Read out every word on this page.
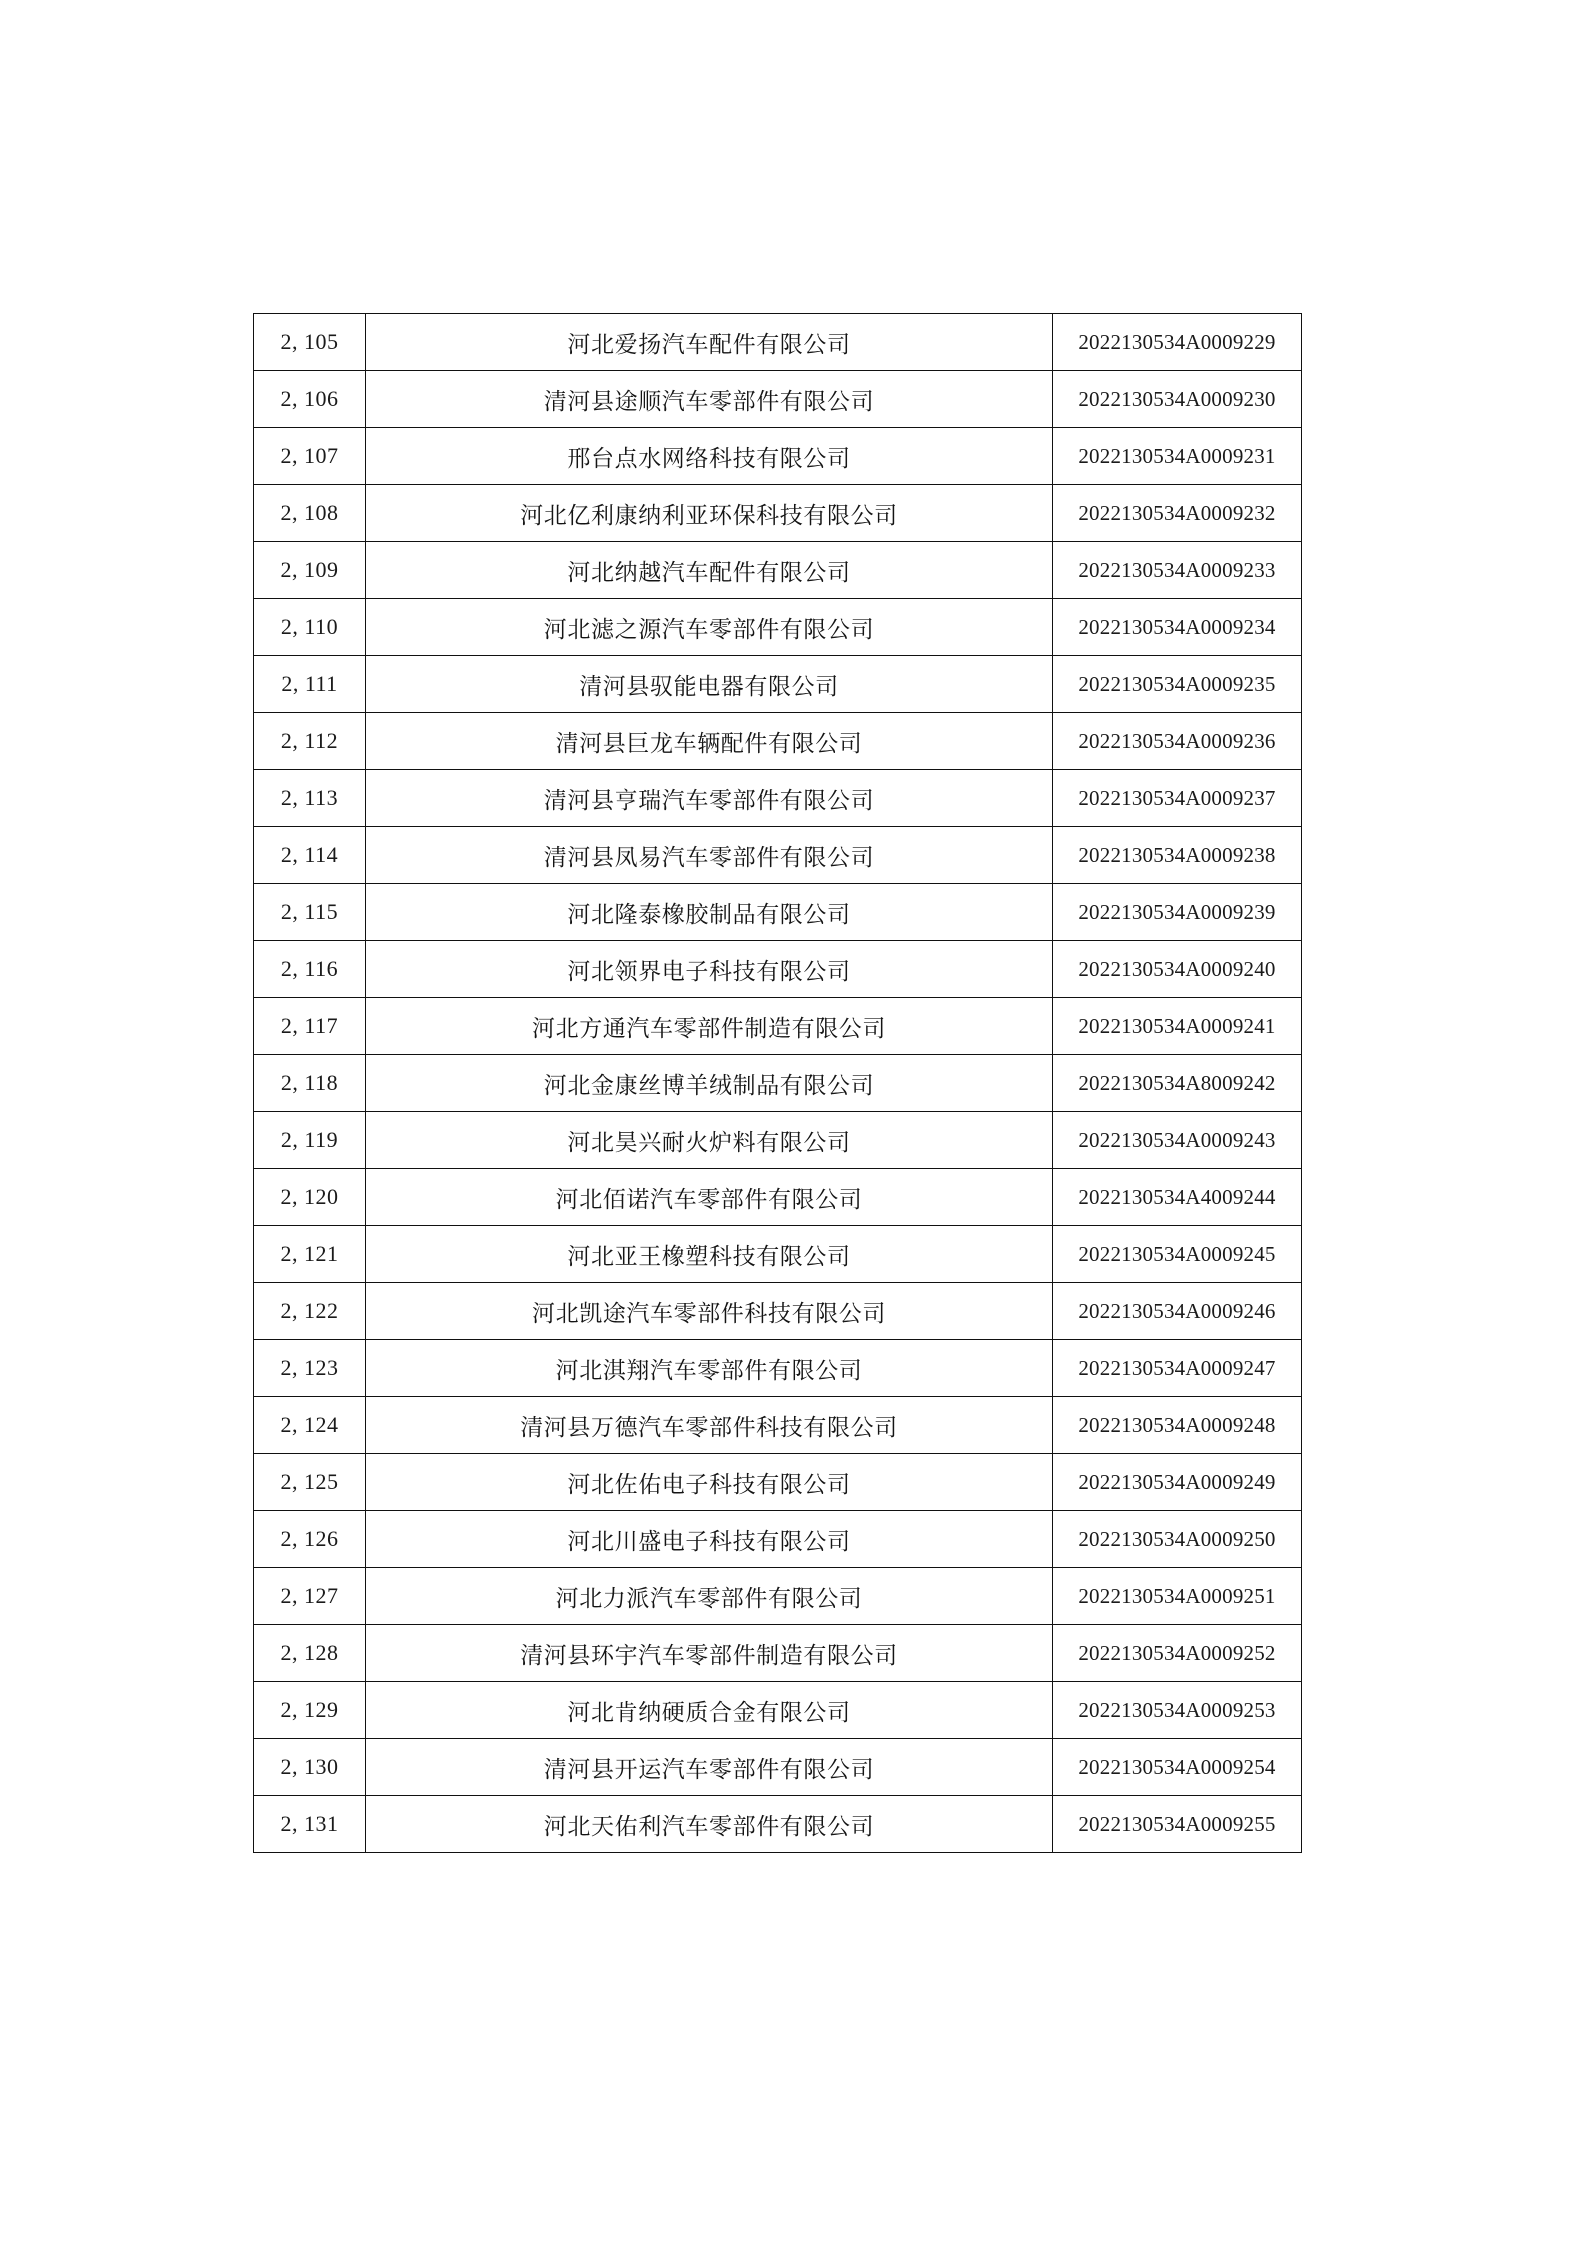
2, 105	河北爱扬汽车配件有限公司	2022130534A0009229
2, 106	清河县途顺汽车零部件有限公司	2022130534A0009230
2, 107	邢台点水网络科技有限公司	2022130534A0009231
2, 108	河北亿利康纳利亚环保科技有限公司	2022130534A0009232
2, 109	河北纳越汽车配件有限公司	2022130534A0009233
2, 110	河北滤之源汽车零部件有限公司	2022130534A0009234
2, 111	清河县驭能电器有限公司	2022130534A0009235
2, 112	清河县巨龙车辆配件有限公司	2022130534A0009236
2, 113	清河县亨瑞汽车零部件有限公司	2022130534A0009237
2, 114	清河县凤易汽车零部件有限公司	2022130534A0009238
2, 115	河北隆泰橡胶制品有限公司	2022130534A0009239
2, 116	河北领界电子科技有限公司	2022130534A0009240
2, 117	河北方通汽车零部件制造有限公司	2022130534A0009241
2, 118	河北金康丝博羊绒制品有限公司	2022130534A8009242
2, 119	河北昊兴耐火炉料有限公司	2022130534A0009243
2, 120	河北佰诺汽车零部件有限公司	2022130534A4009244
2, 121	河北亚王橡塑科技有限公司	2022130534A0009245
2, 122	河北凯途汽车零部件科技有限公司	2022130534A0009246
2, 123	河北淇翔汽车零部件有限公司	2022130534A0009247
2, 124	清河县万德汽车零部件科技有限公司	2022130534A0009248
2, 125	河北佐佑电子科技有限公司	2022130534A0009249
2, 126	河北川盛电子科技有限公司	2022130534A0009250
2, 127	河北力派汽车零部件有限公司	2022130534A0009251
2, 128	清河县环宇汽车零部件制造有限公司	2022130534A0009252
2, 129	河北肯纳硬质合金有限公司	2022130534A0009253
2, 130	清河县开运汽车零部件有限公司	2022130534A0009254
2, 131	河北天佑利汽车零部件有限公司	2022130534A0009255
